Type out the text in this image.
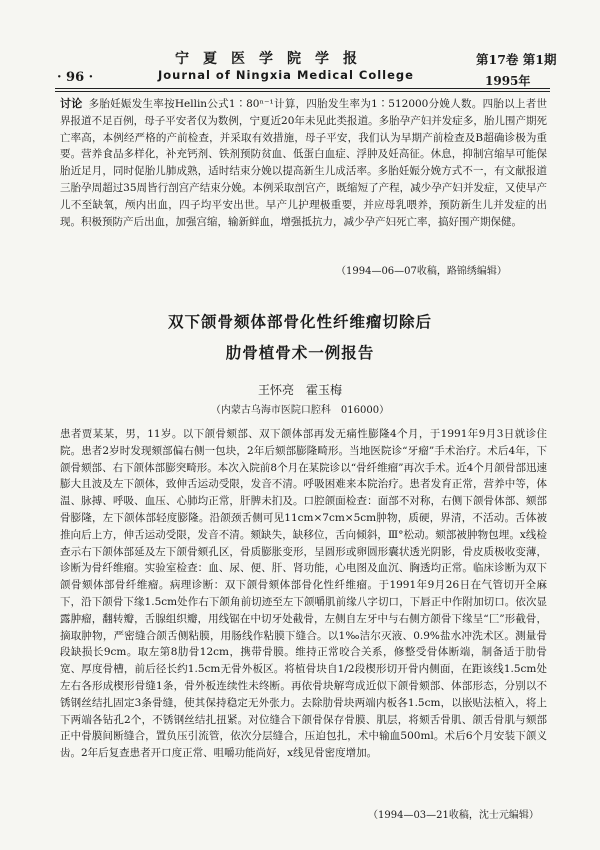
· 96 ·
宁夏医学院学报
Journal of Ningxia Medical College
第17卷 第1期
1995年
讨论 多胎妊娠发生率按Hellin公式1∶80ⁿ⁻¹计算，四胎发生率为1∶512000分娩人数。四胎以上者世界报道不足百例，母子平安者仅为数例，宁夏近20年未见此类报道。多胎孕产妇并发症多，胎儿围产期死亡率高，本例经严格的产前检查，并采取有效措施，母子平安，我们认为早期产前检查及B超确诊极为重要。营养食品多样化，补充钙剂、铁剂预防贫血、低蛋白血症、浮肿及妊高征。休息，抑制宫缩早可能保胎近足月，同时促胎儿肺成熟，适时结束分娩以提高新生儿成活率。多胎妊娠分娩方式不一，有文献报道三胎孕周超过35周皆行剖宫产结束分娩。本例采取剖宫产，既缩短了产程，减少孕产妇并发症，又使早产儿不至缺氧，颅内出血，四子均平安出世。早产儿护理极重要，并应母乳喂养，预防新生儿并发症的出现。积极预防产后出血，加强宫缩，输新鲜血，增强抵抗力，减少孕产妇死亡率，搞好围产期保健。
（1994—06—07收稿，路锦绣编辑）
双下颌骨颏体部骨化性纤维瘤切除后
肋骨植骨术一例报告
王怀亮　霍玉梅
（内蒙古乌海市医院口腔科　016000）
患者贾某某，男，11岁。以下颌骨颏部、双下颌体部再发无痛性膨隆4个月，于1991年9月3日就诊住院。患者2岁时发现颏部偏右侧一包块，2年后颏部膨隆畸形。当地医院诊“牙瘤”手术治疗。术后4年，下颌骨颏部、右下颌体部膨突畸形。本次入院前8个月在某院诊以“骨纤维瘤”再次手术。近4个月颌骨部迅速膨大且波及左下颌体，致伸舌运动受限，发音不清。呼吸困难来本院治疗。患者发育正常，营养中等，体温、脉搏、呼吸、血压、心肺均正常，肝脾未扪及。口腔颌面检查：面部不对称，右侧下颌骨体部、颏部骨膨隆，左下颌体部轻度膨隆。沿颌颈舌侧可见11cm×7cm×5cm肿物，质硬，界清，不活动。舌体被推向后上方，伸舌运动受限，发音不清。颏缺失，缺移位，舌向倾斜，Ⅲ°松动。颏部被肿物包埋。x线检查示右下颌体部延及左下颌骨颏孔区，骨质膨胀变形，呈圆形或卵圆形囊状透光阴影，骨皮质极收变薄，诊断为骨纤维瘤。实验室检查：血、尿、便、肝、肾功能，心电图及血沉、胸透均正常。临床诊断为双下颌骨颏体部骨纤维瘤。病理诊断：双下颌骨颏体部骨化性纤维瘤。于1991年9月26日在气管切开全麻下，沿下颌骨下缘1.5cm处作右下颌角前切迹至左下颌嚼肌前缘八字切口，下唇正中作附加切口。依次显露肿瘤，翻转瓣，舌腺组织瓣，用线锯在中切牙处截骨，左侧自左牙中与右侧方颌骨下缘呈“匚”形截骨，摘取肿物，严密缝合颌舌侧粘膜，用肠线作粘膜下缝合。以1‰洁尔灭液、0.9%盐水冲洗术区。测量骨段缺损长9cm。取左第8肋骨12cm，携带骨膜。维持正常咬合关系，修整受骨体断端，制备适于肋骨宽、厚度骨槽，前后径长约1.5cm无骨外板区。将植骨块自1/2段楔形切开骨内侧面，在距该线1.5cm处左右各形成楔形骨缝1条，骨外板连续性未终断。再依骨块解弯成近似下颌骨颏部、体部形态，分别以不锈钢丝结扎固定3条骨缝，使其保持稳定无外张力。去除肋骨块两端内板各1.5cm，以嵌贴法植入，将上下两端各钻孔2个，不锈钢丝结扎扭紧。对位缝合下颌骨保存骨膜、肌层，将颏舌骨肌、颌舌骨肌与颏部正中骨膜间断缝合，置负压引流管，依次分层缝合，压迫包扎，术中输血500ml。术后6个月安装下颌义齿。2年后复查患者开口度正常、咀嚼功能尚好，x线见骨密度增加。
（1994—03—21收稿，沈士元编辑）
